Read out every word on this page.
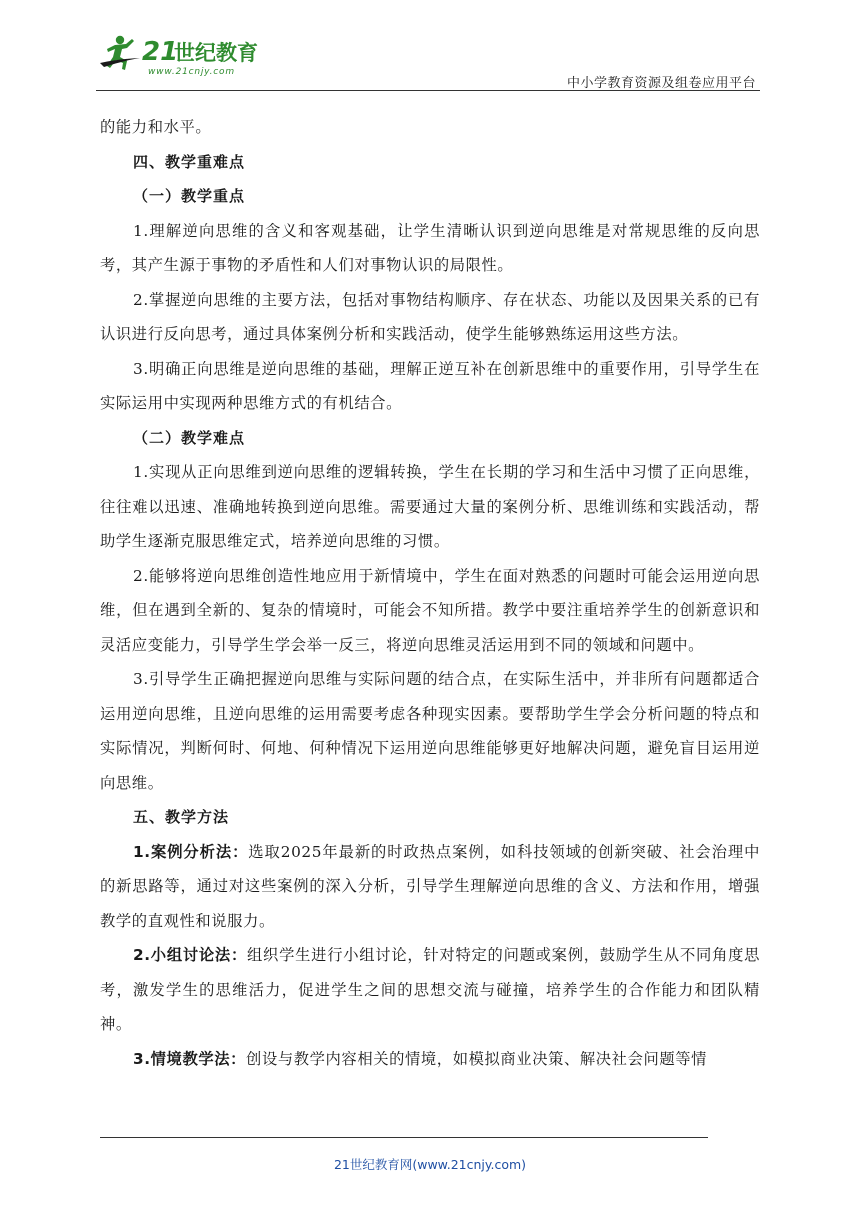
21
世纪教育
www.21cnjy.com
中小学教育资源及组卷应用平台

的能力和水平。

四、教学重难点

（一）教学重点

1.理解逆向思维的含义和客观基础，让学生清晰认识到逆向思维是对常规思维的反向思考，其产生源于事物的矛盾性和人们对事物认识的局限性。

2.掌握逆向思维的主要方法，包括对事物结构顺序、存在状态、功能以及因果关系的已有认识进行反向思考，通过具体案例分析和实践活动，使学生能够熟练运用这些方法。

3.明确正向思维是逆向思维的基础，理解正逆互补在创新思维中的重要作用，引导学生在实际运用中实现两种思维方式的有机结合。

（二）教学难点

1.实现从正向思维到逆向思维的逻辑转换，学生在长期的学习和生活中习惯了正向思维，往往难以迅速、准确地转换到逆向思维。需要通过大量的案例分析、思维训练和实践活动，帮助学生逐渐克服思维定式，培养逆向思维的习惯。

2.能够将逆向思维创造性地应用于新情境中，学生在面对熟悉的问题时可能会运用逆向思维，但在遇到全新的、复杂的情境时，可能会不知所措。教学中要注重培养学生的创新意识和灵活应变能力，引导学生学会举一反三，将逆向思维灵活运用到不同的领域和问题中。

3.引导学生正确把握逆向思维与实际问题的结合点，在实际生活中，并非所有问题都适合运用逆向思维，且逆向思维的运用需要考虑各种现实因素。要帮助学生学会分析问题的特点和实际情况，判断何时、何地、何种情况下运用逆向思维能够更好地解决问题，避免盲目运用逆向思维。

五、教学方法

1.案例分析法：选取2025年最新的时政热点案例，如科技领域的创新突破、社会治理中的新思路等，通过对这些案例的深入分析，引导学生理解逆向思维的含义、方法和作用，增强教学的直观性和说服力。

2.小组讨论法：组织学生进行小组讨论，针对特定的问题或案例，鼓励学生从不同角度思考，激发学生的思维活力，促进学生之间的思想交流与碰撞，培养学生的合作能力和团队精神。

3.情境教学法：创设与教学内容相关的情境，如模拟商业决策、解决社会问题等情

21世纪教育网(www.21cnjy.com)
